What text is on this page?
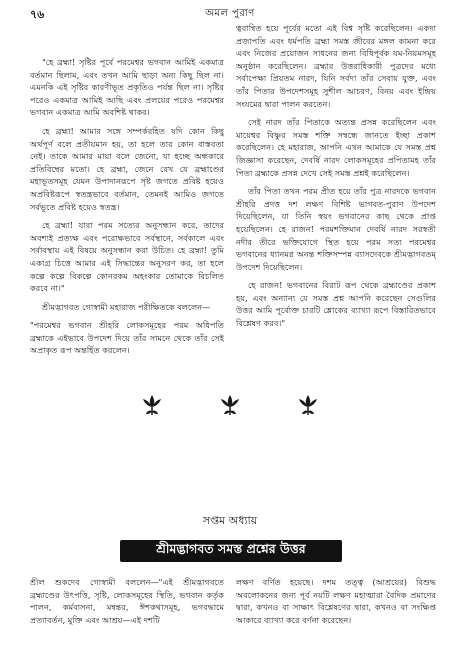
৭৬	অমল পুরাণ

"হে ব্রহ্মা! সৃষ্টির পূর্বে পরমেশ্বর ভগবান আমিই একমাত্র বর্তমান ছিলাম, এবং তখন আমি ছাড়া অন্য কিছু ছিল না। এমনকি এই সৃষ্টির কারণীভূত প্রকৃতিও পর্যন্ত ছিল না। সৃষ্টির পরেও একমাত্র আমিই আছি এবং প্রলয়ের পরেও পরমেশ্বর ভগবান একমাত্র আমি অবশিষ্ট থাকব।

হে ব্রহ্মা! আমার সঙ্গে সম্পর্করহিত যদি কোন কিছু অর্থপূর্ণ বলে প্রতীয়মান হয়, তা হলে তার কোন বাস্তবতা নেই। তাকে আমার মায়া বলে জেনো, যা হচ্ছে অন্ধকারে প্রতিবিম্বের মতো। হে ব্রহ্মা, জেনে রেখ যে ব্রহ্মাণ্ডের মহাভূতসমূহ যেমন উপাদানরূপে সৃষ্ট জগতে প্রবিষ্ট হয়েও অপ্রবিষ্টরূপে স্বতন্ত্রভাবে বর্তমান, তেমনই আমিও জগতে সর্বভূতে প্রবিষ্ট হয়েও স্বতন্ত্র।

হে ব্রহ্মা! যারা পরম সত্যের অনুসন্ধান করে, তাদের অবশ্যই প্রত্যক্ষ এবং পরোক্ষভাবে সর্বস্থানে, সর্বকালে এবং সর্বাবস্থায় এই বিষয়ে অনুসন্ধান করা উচিত। হে ব্রহ্মা! তুমি একাগ্র চিত্তে আমার এই সিদ্ধান্তের অনুসরণ কর, তা হলে কল্পে কল্পে বিকল্পে কোনরকম অহংকার তোমাকে বিচলিত করবে না।"

শ্রীমদ্ভাগবত গোস্বামী মহারাজ পরীক্ষিতকে বললেন—

"পরমেশ্বর ভগবান শ্রীহরি লোকসমূহের পরম অধিপতি ব্রহ্মাকে এইভাবে উপদেশ দিয়ে তাঁর সামনে থেকে তাঁর সেই অপ্রাকৃত রূপ অন্তর্হিত করলেন।

ত্বরান্বিত হয়ে পূর্বের মতো এই বিশ্ব সৃষ্টি করেছিলেন। একদা প্রজাপতি এবং ধর্মপতি ব্রহ্মা সমস্ত জীবের মঙ্গল কামনা করে এবং নিজের প্রয়োজন সাধনের জন্য বিধিপূর্বক যম-নিয়মসমূহ অনুষ্ঠান করেছিলেন। ব্রহ্মার উত্তরাধিকারী পুত্রদের মধ্যে সর্বাপেক্ষা প্রিয়তম নারদ, যিনি সর্বদা তাঁর সেবায় যুক্ত, এবং তাঁর পিতার উপদেশসমূহ সুশীল আচরণ, বিনয় এবং ইন্দ্রিয় সংযমের দ্বারা পালন করতেন।

সেই নারদ তাঁর পিতাকে অত্যন্ত প্রসন্ন করেছিলেন এবং মায়েশ্বর বিষ্ণুর সমস্ত শক্তি সম্বন্ধে জানতে ইচ্ছা প্রকাশ করেছিলেন। হে মহারাজ, আপনি এখন আমাকে যে সমস্ত প্রশ্ন জিজ্ঞাসা করেছেন, দেবর্ষি নারদ লোকসমূহের প্রপিতামহ তাঁর পিতা ব্রহ্মাকে প্রসন্ন দেখে সেই সমস্ত প্রশ্নই করেছিলেন।

তাঁর পিতা তখন পরম প্রীত হয়ে তাঁর পুত্র নারদকে ভগবান শ্রীহরি প্রদত্ত দশ লক্ষণ বিশিষ্ট ভাগবত-পুরাণ উপদেশ দিয়েছিলেন, যা তিনি স্বয়ং ভগবানের কাছ থেকে প্রাপ্ত হয়েছিলেন। হে রাজন! পরমশক্তিমান দেবর্ষি নারদ সরস্বতী নদীর তীরে ভক্তিযোগে স্থিত হয়ে পরম সত্য পরমেশ্বর ভগবানের ধ্যানমগ্ন অনন্ত শক্তিসম্পন্ন ব্যাসদেবকে শ্রীমদ্ভাগবতম্ উপদেশ দিয়েছিলেন।

হে রাজন! ভগবানের বিরাট রূপ থেকে ব্রহ্মাণ্ডের প্রকাশ হয়, এবং অন্যান্য যে সমস্ত প্রশ্ন আপনি করেছেন সেগুলির উত্তর আমি পূর্বোক্ত চারটি শ্লোকের ব্যাখ্যা রূপে বিস্তারিতভাবে বিশ্লেষণ করব।"

সপ্তম অধ্যায়
শ্রীমদ্ভাগবত সমস্ত প্রশ্নের উত্তর

শ্রীল শুকদেব গোস্বামী বললেন—"এই শ্রীমদ্ভাগবতে ব্রহ্মাণ্ডের উৎপত্তি, সৃষ্টি, লোকসমূহের স্থিতি, ভগবান কর্তৃক পালন, কর্মবাসনা, মন্বন্তর, ঈশকথাসমূহ, ভগবদ্ধামে প্রত্যাবর্তন, মুক্তি এবং আশ্রয়—এই দশটি

লক্ষণ বর্ণিত হয়েছে। দশম তত্ত্ব (আশ্রয়ের) বিশুদ্ধ অবলোকনের জন্য পূর্ব নয়টি লক্ষণ মহাত্মারা বৈদিক প্রমাণের দ্বারা, কখনও বা সাক্ষাৎ বিশ্লেষণের দ্বারা, কখনও বা সংক্ষিপ্ত আকারে ব্যাখ্যা করে বর্ণনা করেছেন।
